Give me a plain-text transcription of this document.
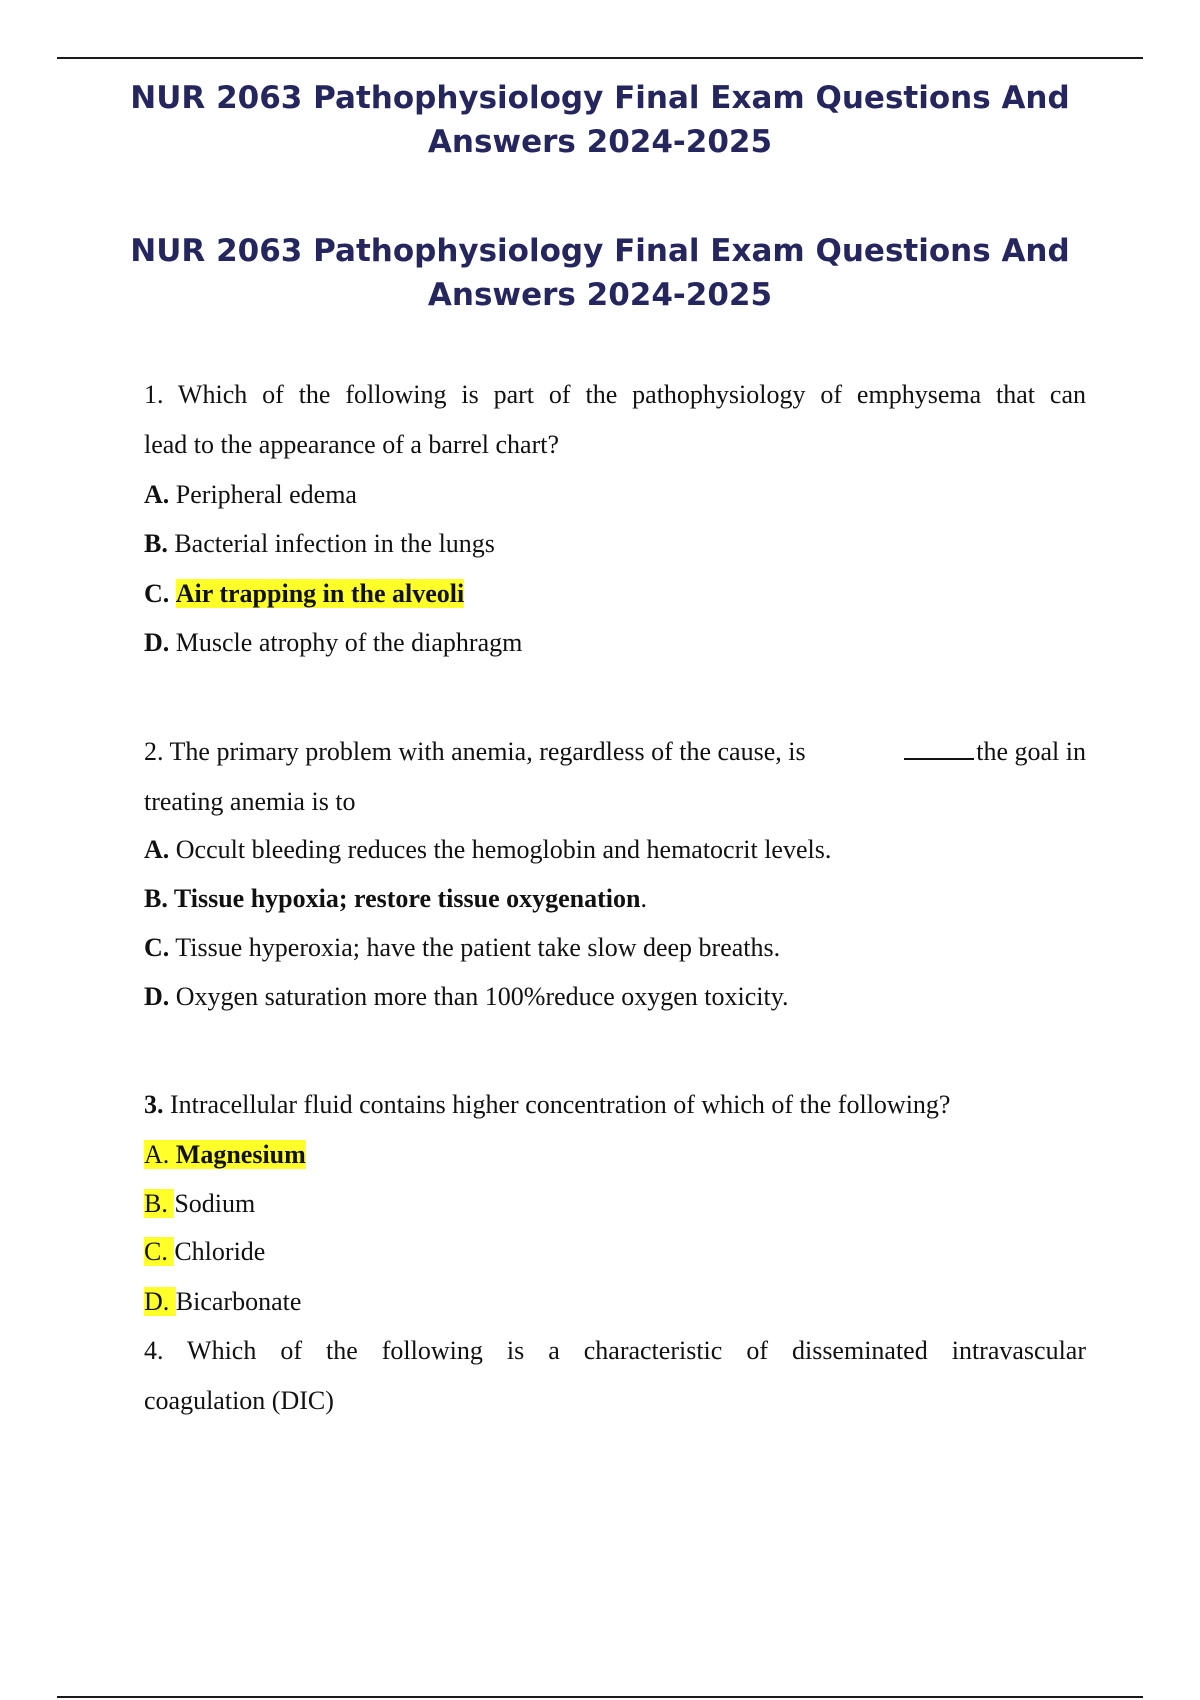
NUR 2063 Pathophysiology Final Exam Questions And
Answers 2024-2025
NUR 2063 Pathophysiology Final Exam Questions And
Answers 2024-2025
1. Which of the following is part of the pathophysiology of emphysema that can
lead to the appearance of a barrel chart?
A. Peripheral edema
B. Bacterial infection in the lungs
C. Air trapping in the alveoli
D. Muscle atrophy of the diaphragm
2. The primary problem with anemia, regardless of the cause, is	the goal in
treating anemia is to
A. Occult bleeding reduces the hemoglobin and hematocrit levels.
B. Tissue hypoxia; restore tissue oxygenation.
C. Tissue hyperoxia; have the patient take slow deep breaths.
D. Oxygen saturation more than 100%reduce oxygen toxicity.
3. Intracellular fluid contains higher concentration of which of the following?
A. Magnesium
B. Sodium
C. Chloride
D. Bicarbonate
4. Which of the following is a characteristic of disseminated intravascular
coagulation (DIC)
